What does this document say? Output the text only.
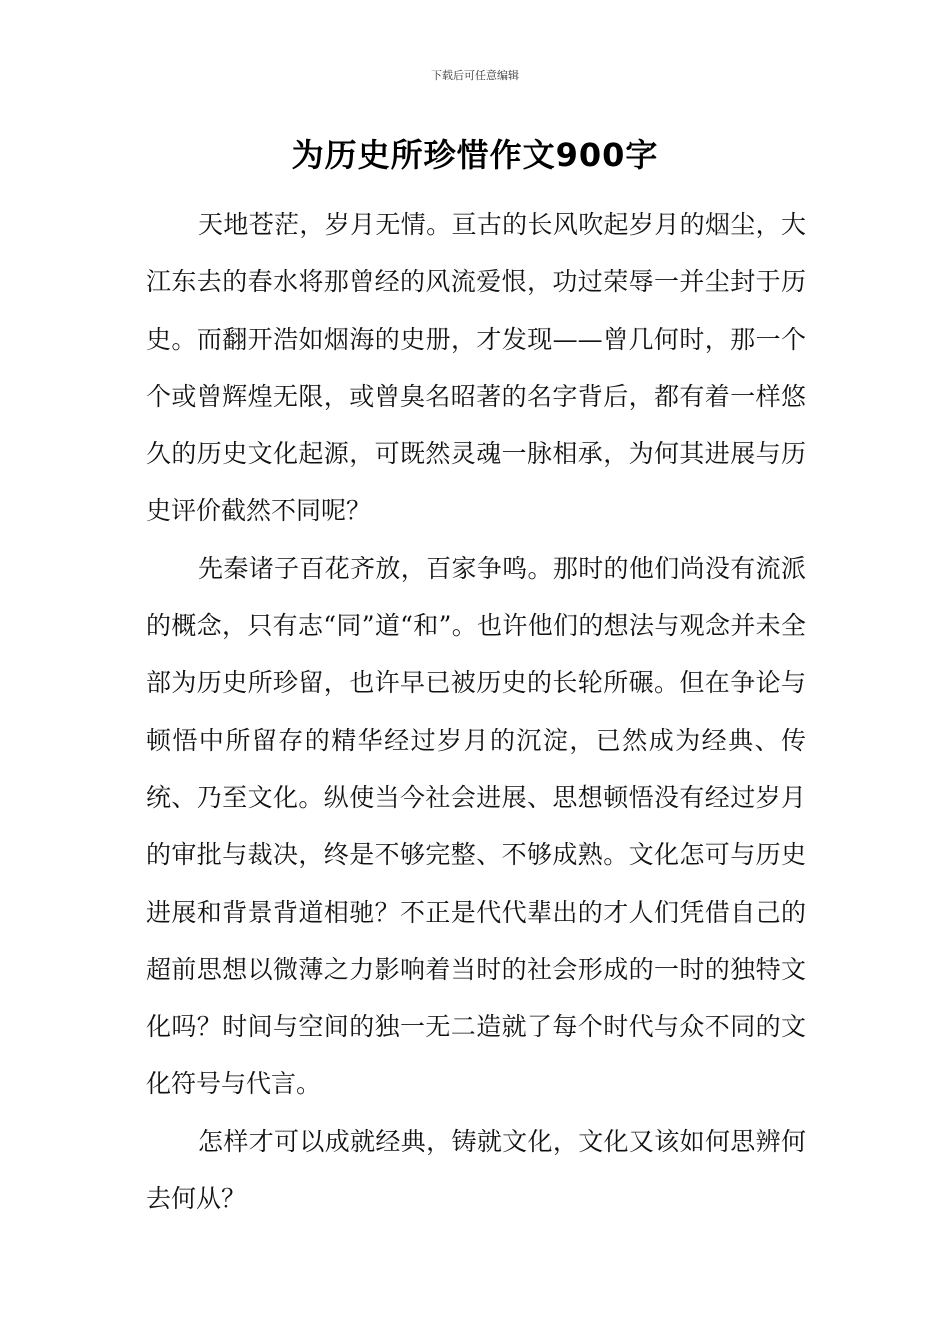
下载后可任意编辑
为历史所珍惜作文900字

天地苍茫，岁月无情。亘古的长风吹起岁月的烟尘，大江东去的春水将那曾经的风流爱恨，功过荣辱一并尘封于历史。而翻开浩如烟海的史册，才发现——曾几何时，那一个个或曾辉煌无限，或曾臭名昭著的名字背后，都有着一样悠久的历史文化起源，可既然灵魂一脉相承，为何其进展与历史评价截然不同呢？

先秦诸子百花齐放，百家争鸣。那时的他们尚没有流派的概念，只有志“同”道“和”。也许他们的想法与观念并未全部为历史所珍留，也许早已被历史的长轮所碾。但在争论与顿悟中所留存的精华经过岁月的沉淀，已然成为经典、传统、乃至文化。纵使当今社会进展、思想顿悟没有经过岁月的审批与裁决，终是不够完整、不够成熟。文化怎可与历史进展和背景背道相驰？不正是代代辈出的才人们凭借自己的超前思想以微薄之力影响着当时的社会形成的一时的独特文化吗？时间与空间的独一无二造就了每个时代与众不同的文化符号与代言。

怎样才可以成就经典，铸就文化，文化又该如何思辨何去何从？
